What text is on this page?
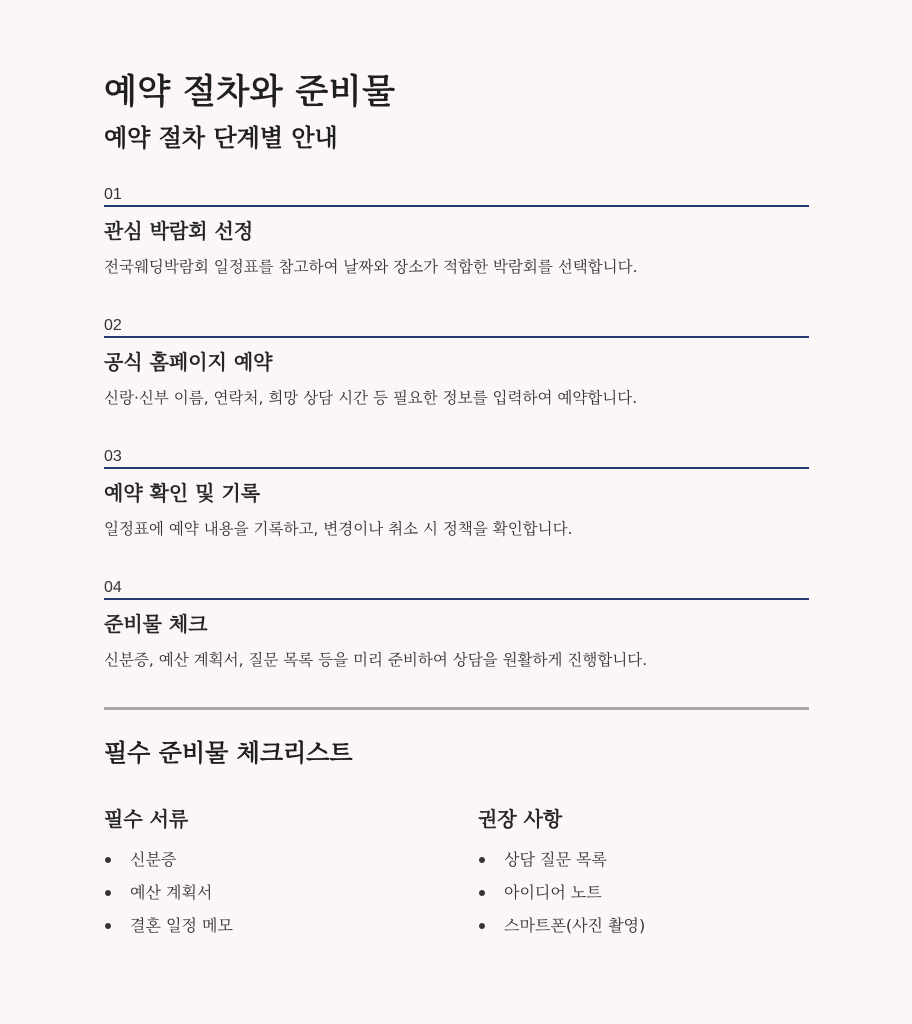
예약 절차와 준비물
예약 절차 단계별 안내
01
관심 박람회 선정
전국웨딩박람회 일정표를 참고하여 날짜와 장소가 적합한 박람회를 선택합니다.
02
공식 홈페이지 예약
신랑·신부 이름, 연락처, 희망 상담 시간 등 필요한 정보를 입력하여 예약합니다.
03
예약 확인 및 기록
일정표에 예약 내용을 기록하고, 변경이나 취소 시 정책을 확인합니다.
04
준비물 체크
신분증, 예산 계획서, 질문 목록 등을 미리 준비하여 상담을 원활하게 진행합니다.
필수 준비물 체크리스트
필수 서류
신분증
예산 계획서
결혼 일정 메모
권장 사항
상담 질문 목록
아이디어 노트
스마트폰(사진 촬영)
